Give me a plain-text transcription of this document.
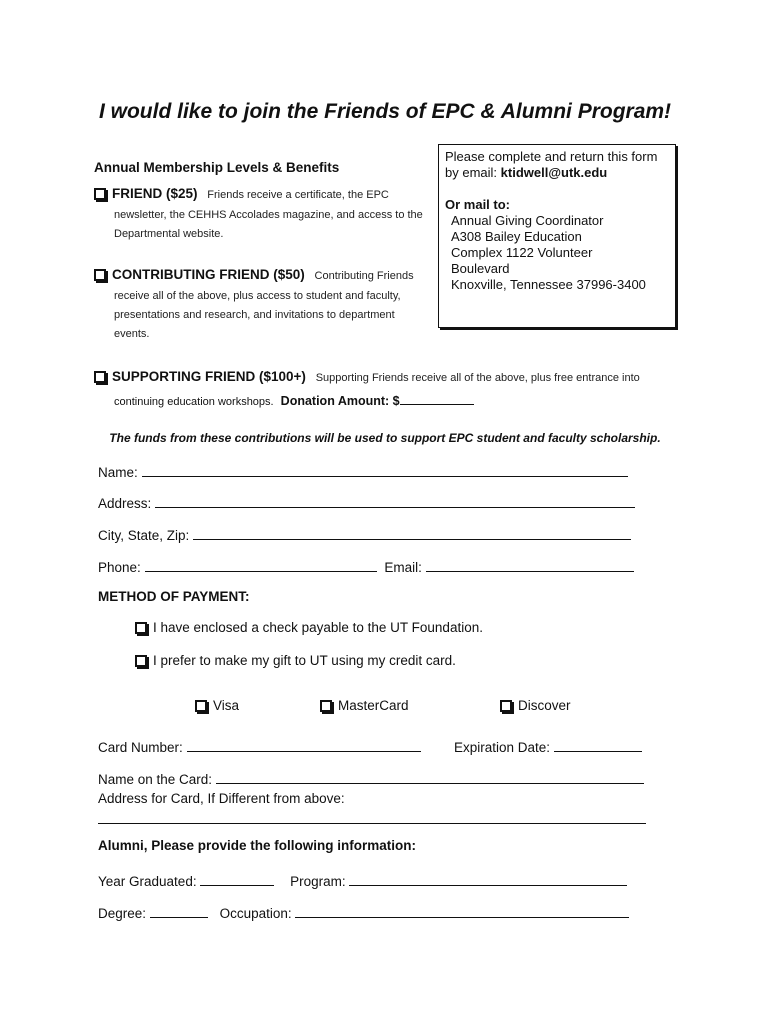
I would like to join the Friends of EPC & Alumni Program!
Annual Membership Levels & Benefits
FRIEND ($25) Friends receive a certificate, the EPC
newsletter, the CEHHS Accolades magazine, and access to the Departmental website.
CONTRIBUTING FRIEND ($50) Contributing Friends
receive all of the above, plus access to student and faculty, presentations and research, and invitations to department events.
Please complete and return this form
by email: ktidwell@utk.edu
Or mail to:
Annual Giving Coordinator
A308 Bailey Education
Complex 1122 Volunteer
Boulevard
Knoxville, Tennessee 37996-3400
SUPPORTING FRIEND ($100+) Supporting Friends receive all of the above, plus free entrance into
continuing education workshops. Donation Amount: $
The funds from these contributions will be used to support EPC student and faculty scholarship.
Name:
Address:
City, State, Zip:
Phone:	Email:
METHOD OF PAYMENT:
I have enclosed a check payable to the UT Foundation.
I prefer to make my gift to UT using my credit card.
Visa	MasterCard	Discover
Card Number:	Expiration Date:
Name on the Card:
Address for Card, If Different from above:
Alumni, Please provide the following information:
Year Graduated:	Program:
Degree:	Occupation:
